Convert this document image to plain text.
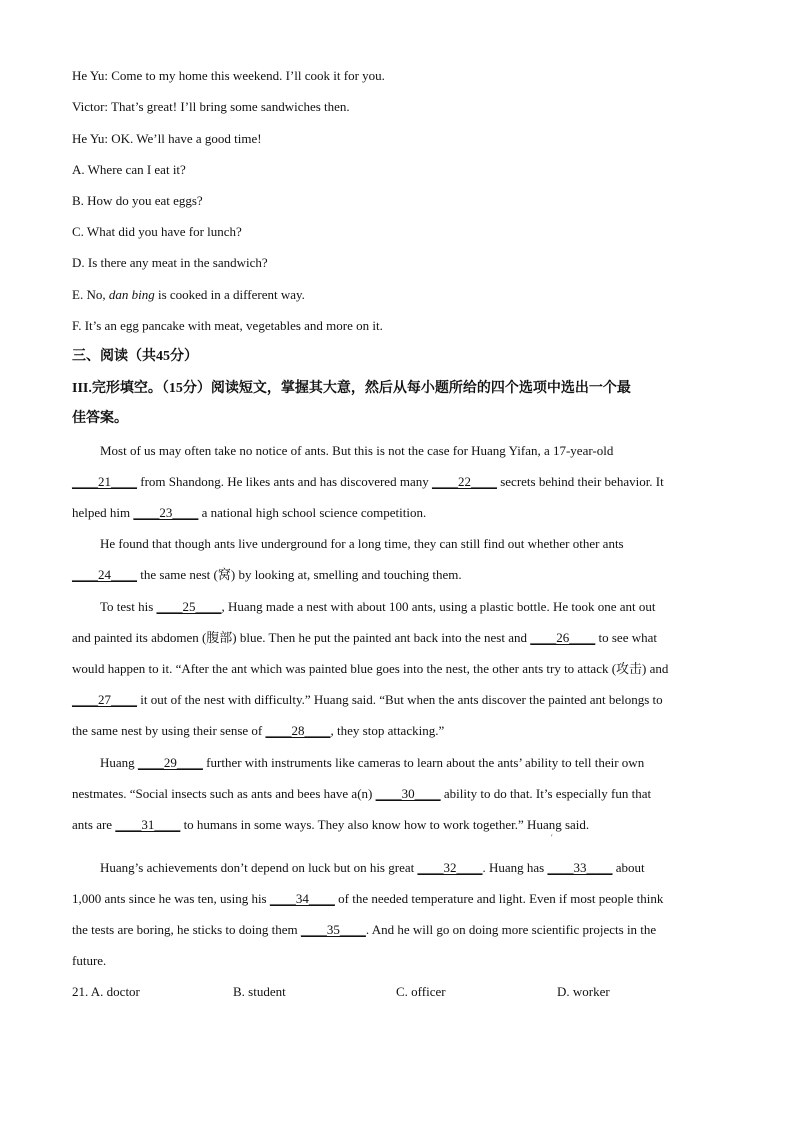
He Yu: Come to my home this weekend. I’ll cook it for you.
Victor: That’s great! I’ll bring some sandwiches then.
He Yu: OK. We’ll have a good time!
A. Where can I eat it?
B. How do you eat eggs?
C. What did you have for lunch?
D. Is there any meat in the sandwich?
E. No, dan bing is cooked in a different way.
F. It’s an egg pancake with meat, vegetables and more on it.
三、阅读（共45分）
III.完形填空。（15分）阅读短文，掌握其大意，然后从每小题所给的四个选项中选出一个最
佳答案。
Most of us may often take no notice of ants. But this is not the case for Huang Yifan, a 17-year-old
____21____ from Shandong. He likes ants and has discovered many ____22____ secrets behind their behavior. It
helped him ____23____ a national high school science competition.
He found that though ants live underground for a long time, they can still find out whether other ants
____24____ the same nest (窝) by looking at, smelling and touching them.
To test his ____25____, Huang made a nest with about 100 ants, using a plastic bottle. He took one ant out
and painted its abdomen (腹部) blue. Then he put the painted ant back into the nest and ____26____ to see what
would happen to it. “After the ant which was painted blue goes into the nest, the other ants try to attack (攻击) and
____27____ it out of the nest with difficulty.” Huang said. “But when the ants discover the painted ant belongs to
the same nest by using their sense of ____28____, they stop attacking.”
Huang ____29____ further with instruments like cameras to learn about the ants’ ability to tell their own
nestmates. “Social insects such as ants and bees have a(n) ____30____ ability to do that. It’s especially fun that
ants are ____31____ to humans in some ways. They also know how to work together.” Huang said.
ʹ
Huang’s achievements don’t depend on luck but on his great ____32____. Huang has ____33____ about
1,000 ants since he was ten, using his ____34____ of the needed temperature and light. Even if most people think
the tests are boring, he sticks to doing them ____35____. And he will go on doing more scientific projects in the
future.
21. A. doctor	B. student	C. officer	D. worker
